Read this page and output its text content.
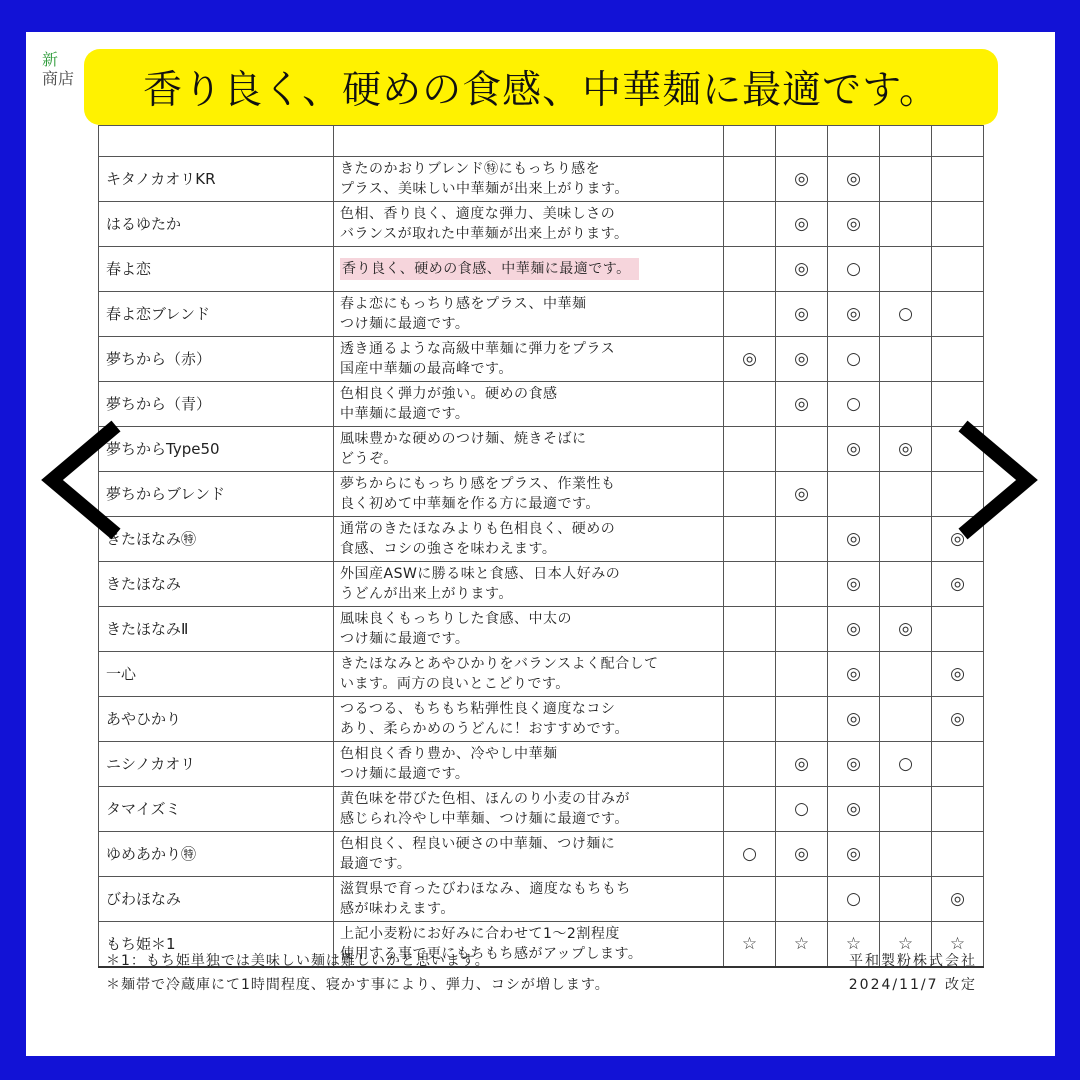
新
商店

キタノカオリKR	きたのかおりブレンド㊕にもっちり感を
プラス、美味しい中華麺が出来上がります。		◎	◎		
はるゆたか	色相、香り良く、適度な弾力、美味しさの
バランスが取れた中華麺が出来上がります。		◎	◎		
春よ恋	香り良く、硬めの食感、中華麺に最適です。		◎	○		
春よ恋ブレンド	春よ恋にもっちり感をプラス、中華麺
つけ麺に最適です。		◎	◎	○	
夢ちから（赤）	透き通るような高級中華麺に弾力をプラス
国産中華麺の最高峰です。	◎	◎	○		
夢ちから（青）	色相良く弾力が強い。硬めの食感
中華麺に最適です。		◎	○		
夢ちからType50	風味豊かな硬めのつけ麺、焼きそばに
どうぞ。			◎	◎	
夢ちからブレンド	夢ちからにもっちり感をプラス、作業性も
良く初めて中華麺を作る方に最適です。		◎			
きたほなみ㊕	通常のきたほなみよりも色相良く、硬めの
食感、コシの強さを味わえます。			◎		◎
きたほなみ	外国産ASWに勝る味と食感、日本人好みの
うどんが出来上がります。			◎		◎
きたほなみⅡ	風味良くもっちりした食感、中太の
つけ麺に最適です。			◎	◎	
一心	きたほなみとあやひかりをバランスよく配合して
います。両方の良いとこどりです。			◎		◎
あやひかり	つるつる、もちもち粘弾性良く適度なコシ
あり、柔らかめのうどんに！おすすめです。			◎		◎
ニシノカオリ	色相良く香り豊か、冷やし中華麺
つけ麺に最適です。		◎	◎	○	
タマイズミ	黄色味を帯びた色相、ほんのり小麦の甘みが
感じられ冷やし中華麺、つけ麺に最適です。		○	◎		
ゆめあかり㊕	色相良く、程良い硬さの中華麺、つけ麺に
最適です。	○	◎	◎		
びわほなみ	滋賀県で育ったびわほなみ、適度なもちもち
感が味わえます。			○		◎
もち姫＊1	上記小麦粉にお好みに合わせて1～2割程度
使用する事で更にもちもち感がアップします。	☆	☆	☆	☆	☆
香り良く、硬めの食感、中華麺に最適です。
＊1：もち姫単独では美味しい麺は難しいかと思います。	平和製粉株式会社
＊麺帯で冷蔵庫にて1時間程度、寝かす事により、弾力、コシが増します。	2024/11/7 改定
